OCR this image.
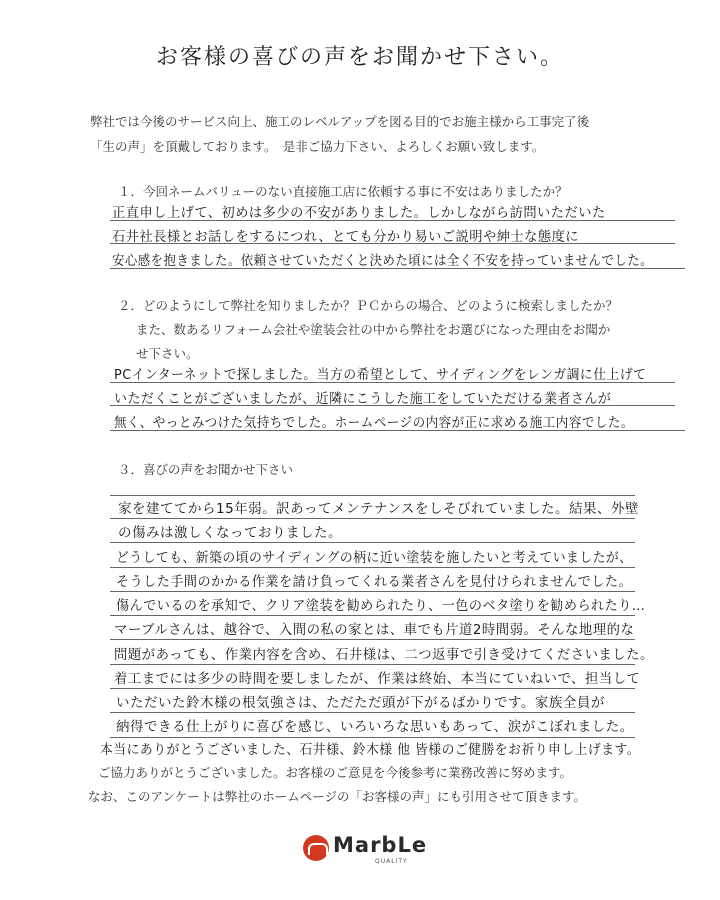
お客様の喜びの声をお聞かせ下さい。
弊社では今後のサービス向上、施工のレベルアップを図る目的でお施主様から工事完了後
「生の声」を頂戴しております。　是非ご協力下さい、よろしくお願い致します。
１．今回ネームバリューのない直接施工店に依頼する事に不安はありましたか？
正直申し上げて、初めは多少の不安がありました。しかしながら訪問いただいた
石井社長様とお話しをするにつれ、とても分かり易いご説明や紳士な態度に
安心感を抱きました。依頼させていただくと決めた頃には全く不安を持っていませんでした。
２．どのようにして弊社を知りましたか？ＰＣからの場合、どのように検索しましたか？
また、数あるリフォーム会社や塗装会社の中から弊社をお選びになった理由をお聞か
せ下さい。
PCインターネットで探しました。当方の希望として、サイディングをレンガ調に仕上げて
いただくことがございましたが、近隣にこうした施工をしていただける業者さんが
無く、やっとみつけた気持ちでした。ホームページの内容が正に求める施工内容でした。
３．喜びの声をお聞かせ下さい
家を建ててから15年弱。訳あってメンテナンスをしそびれていました。結果、外壁
の傷みは激しくなっておりました。
どうしても、新築の頃のサイディングの柄に近い塗装を施したいと考えていましたが、
そうした手間のかかる作業を請け負ってくれる業者さんを見付けられませんでした。
傷んでいるのを承知で、クリア塗装を勧められたり、一色のベタ塗りを勧められたり…
マーブルさんは、越谷で、入間の私の家とは、車でも片道2時間弱。そんな地理的な
問題があっても、作業内容を含め、石井様は、二つ返事で引き受けてくださいました。
着工までには多少の時間を要しましたが、作業は終始、本当にていねいで、担当して
いただいた鈴木様の根気強さは、ただただ頭が下がるばかりです。家族全員が
納得できる仕上がりに喜びを感じ、いろいろな思いもあって、涙がこぼれました。
本当にありがとうございました、石井様、鈴木様 他 皆様のご健勝をお祈り申し上げます。
ご協力ありがとうございました。お客様のご意見を今後参考に業務改善に努めます。
なお、このアンケートは弊社のホームページの「お客様の声」にも引用させて頂きます。
MarbLe
QUALITY
